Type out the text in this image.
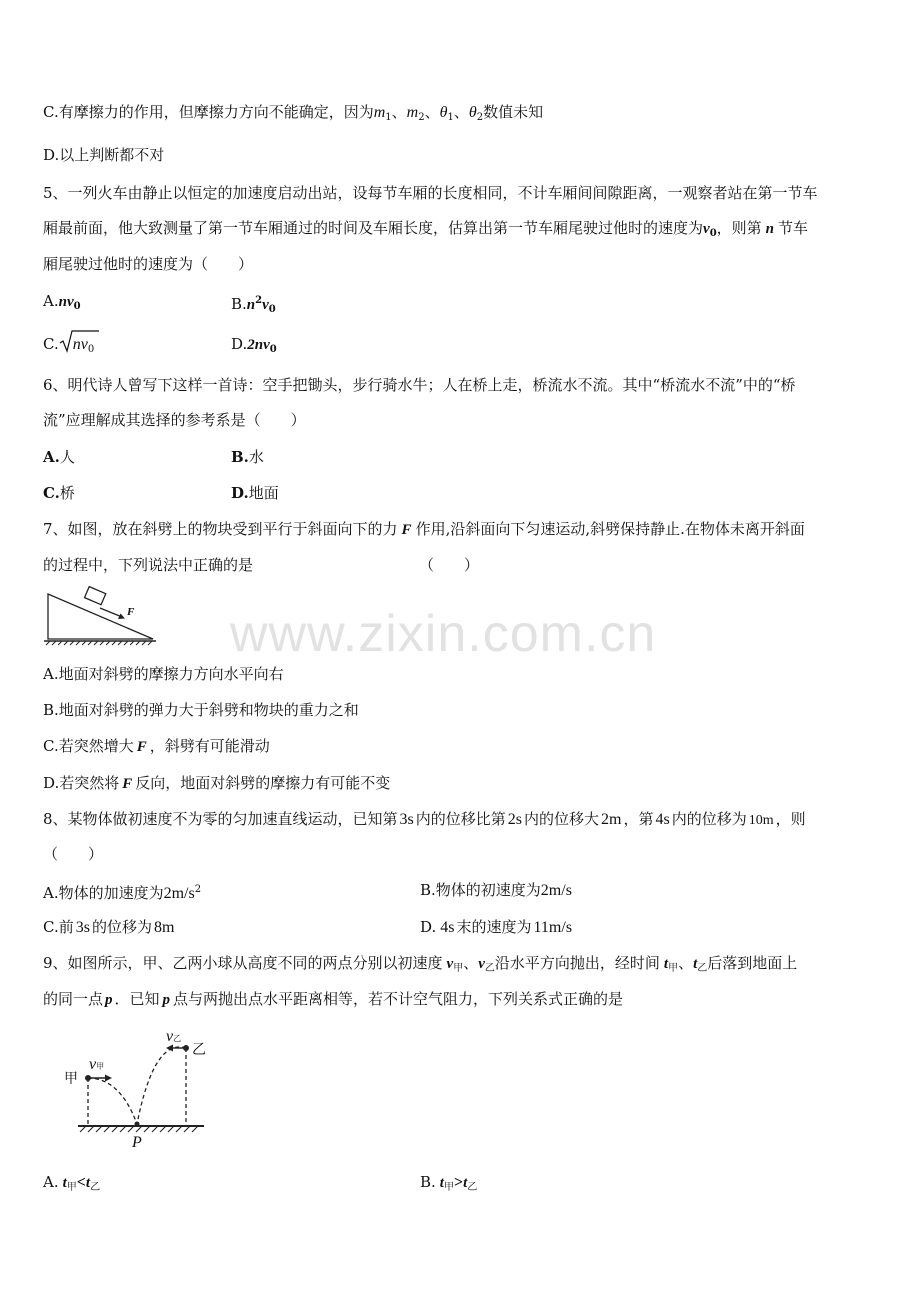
www.zixin.com.cn
C.有摩擦力的作用，但摩擦力方向不能确定，因为$m_1$、$m_2$、$\theta_1$、$\theta_2$数值未知
D.以上判断都不对
5、一列火车由静止以恒定的加速度启动出站，设每节车厢的长度相同，不计车厢间间隙距离，一观察者站在第一节车
厢最前面，他大致测量了第一节车厢通过的时间及车厢长度，估算出第一节车厢尾驶过他时的速度为$v_0$，则第 n 节车
厢尾驶过他时的速度为（　　）
$A.nv_0$	$B.n^2v_0$
C. $nv_0$	$D.2nv_0$
6、明代诗人曾写下这样一首诗：空手把锄头，步行骑水牛；人在桥上走，桥流水不流。其中“桥流水不流”中的“桥
流”应理解成其选择的参考系是（　　）
A.人	B.水
C.桥	D.地面
7、如图，放在斜劈上的物块受到平行于斜面向下的力 F 作用,沿斜面向下匀速运动,斜劈保持静止.在物体未离开斜面
的过程中，下列说法中正确的是	（　　）
F
A.地面对斜劈的摩擦力方向水平向右
B.地面对斜劈的弹力大于斜劈和物块的重力之和
C.若突然增大 F ，斜劈有可能滑动
D.若突然将 F 反向，地面对斜劈的摩擦力有可能不变
8、某物体做初速度不为零的匀加速直线运动，已知第 3s 内的位移比第 2s 内的位移大 2m ，第 4s 内的位移为 10m ，则
（　　）
A.物体的加速度为$2m/s^2$	B.物体的初速度为2m/s
C.前 3s 的位移为 8m	D. 4s 末的速度为 11m/s
9、如图所示，甲、乙两小球从高度不同的两点分别以初速度 $v_甲$、$v_乙$沿水平方向抛出，经时间 $t_甲$、$t_乙$后落到地面上
的同一点 p ．已知 p 点与两抛出点水平距离相等，若不计空气阻力，下列关系式正确的是
甲
乙
P
v甲
v乙
A. $t_甲<t_乙$	B. $t_甲>t_乙$
